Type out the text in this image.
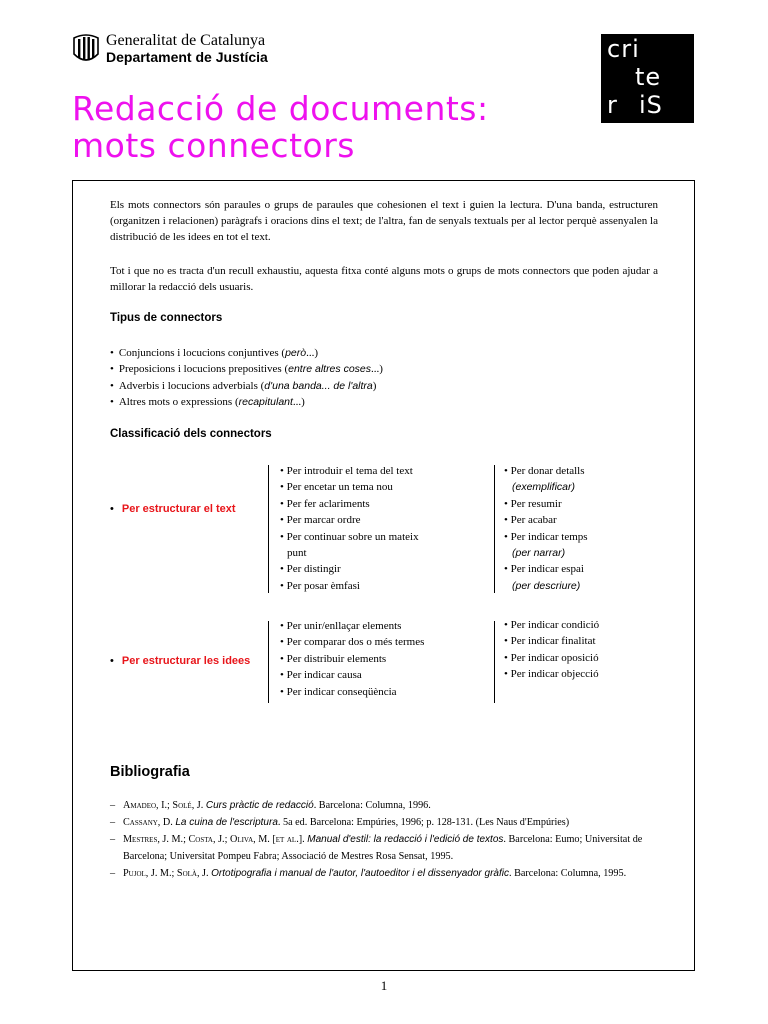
Generalitat de Catalunya
Departament de Justícia	cri
te
r iS
Redacció de documents:
mots connectors

Els mots connectors són paraules o grups de paraules que cohesionen el text i guien la lectura. D'una banda, estructuren (organitzen i relacionen) paràgrafs i oracions dins el text; de l'altra, fan de senyals textuals per al lector perquè assenyalen la distribució de les idees en tot el text.

Tot i que no es tracta d'un recull exhaustiu, aquesta fitxa conté alguns mots o grups de mots connectors que poden ajudar a millorar la redacció dels usuaris.

Tipus de connectors
• Conjuncions i locucions conjuntives (però...)
• Preposicions i locucions prepositives (entre altres coses...)
• Adverbis i locucions adverbials (d'una banda... de l'altra)
• Altres mots o expressions (recapitulant...)
Classificació dels connectors
• Per estructurar el text
• Per introduir el tema del text
• Per encetar un tema nou
• Per fer aclariments
• Per marcar ordre
• Per continuar sobre un mateix
punt
• Per distingir
• Per posar èmfasi
• Per donar detalls
(exemplificar)
• Per resumir
• Per acabar
• Per indicar temps
(per narrar)
• Per indicar espai
(per descriure)
• Per estructurar les idees
• Per unir/enllaçar elements
• Per comparar dos o més termes
• Per distribuir elements
• Per indicar causa
• Per indicar conseqüència
• Per indicar condició
• Per indicar finalitat
• Per indicar oposició
• Per indicar objecció
Bibliografia
– Amadeo, I.; Solé, J. Curs pràctic de redacció. Barcelona: Columna, 1996.
– Cassany, D. La cuina de l'escriptura. 5a ed. Barcelona: Empúries, 1996; p. 128-131. (Les Naus d'Empúries)
– Mestres, J. M.; Costa, J.; Oliva, M. [et al.]. Manual d'estil: la redacció i l'edició de textos. Barcelona: Eumo; Universitat de Barcelona; Universitat Pompeu Fabra; Associació de Mestres Rosa Sensat, 1995.
– Pujol, J. M.; Solà, J. Ortotipografia i manual de l'autor, l'autoeditor i el dissenyador gràfic. Barcelona: Columna, 1995.
1
